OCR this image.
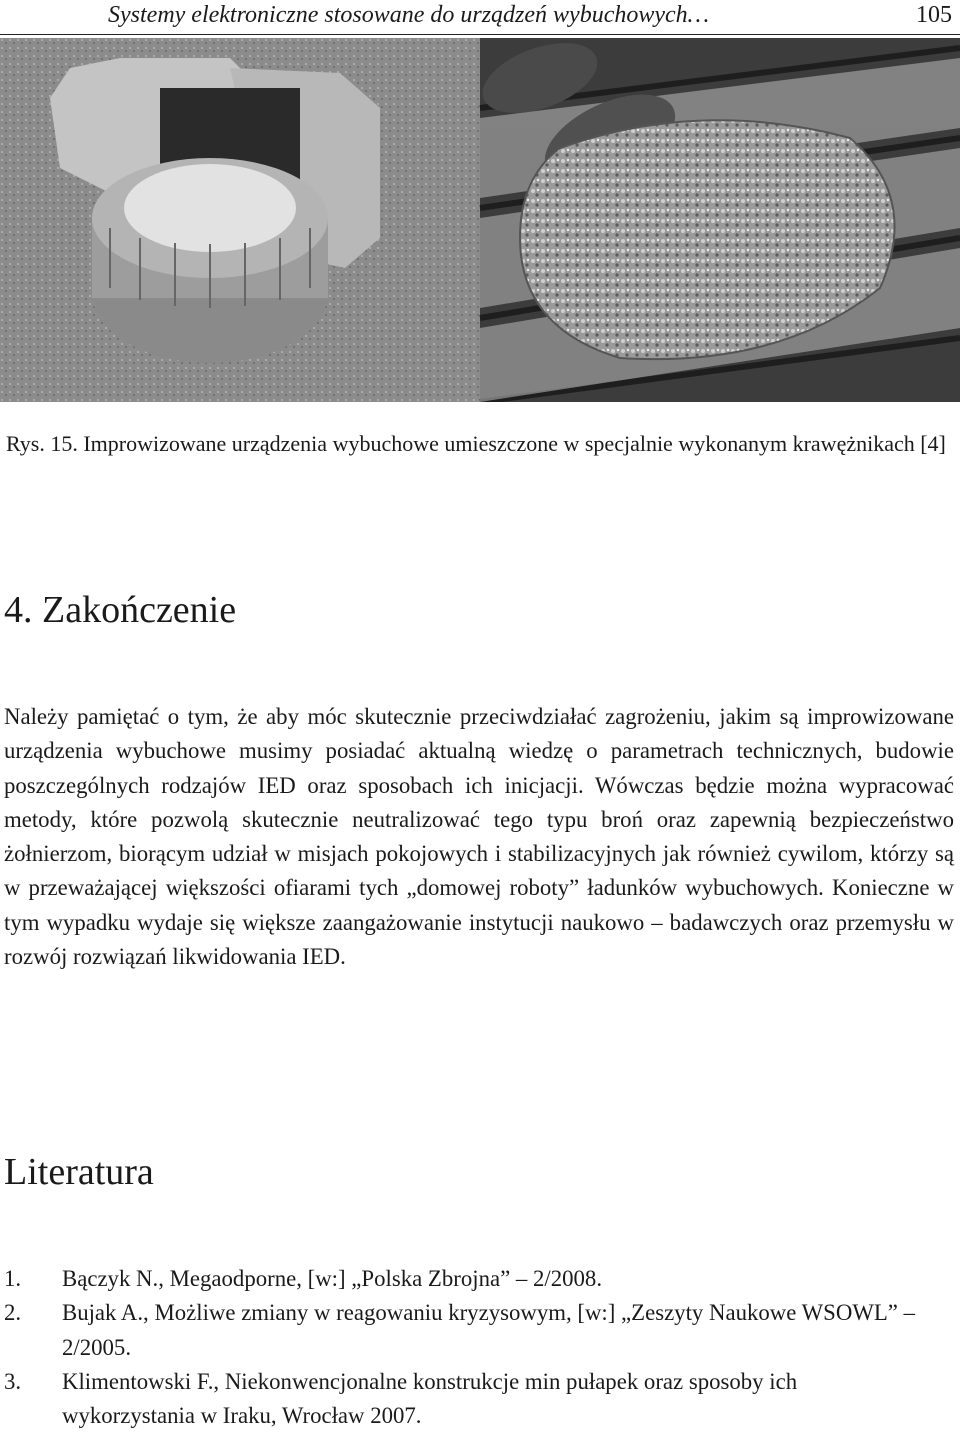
Systemy elektroniczne stosowane do urządzeń wybuchowych…	105
Rys. 15. Improwizowane urządzenia wybuchowe umieszczone w specjalnie wykonanym krawężnikach [4]
4. Zakończenie

Należy pamiętać o tym, że aby móc skutecznie przeciwdziałać zagrożeniu, jakim są improwizowane urządzenia wybuchowe musimy posiadać aktualną wiedzę o parametrach technicznych, budowie poszczególnych rodzajów IED oraz sposobach ich inicjacji. Wówczas będzie można wypracować metody, które pozwolą skutecznie neutralizować tego typu broń oraz zapewnią bezpieczeństwo żołnierzom, biorącym udział w misjach pokojowych i stabilizacyjnych jak również cywilom, którzy są w przeważającej większości ofiarami tych „domowej roboty” ładunków wybuchowych. Konieczne w tym wypadku wydaje się większe zaangażowanie instytucji naukowo – badawczych oraz przemysłu w rozwój rozwiązań likwidowania IED.

Literatura
1.	Bączyk N., Megaodporne, [w:] „Polska Zbrojna” – 2/2008.
2.	Bujak A., Możliwe zmiany w reagowaniu kryzysowym, [w:] „Zeszyty Naukowe WSOWL” – 2/2005.
3.	Klimentowski F., Niekonwencjonalne konstrukcje min pułapek oraz sposoby ich wykorzystania w Iraku, Wrocław 2007.
